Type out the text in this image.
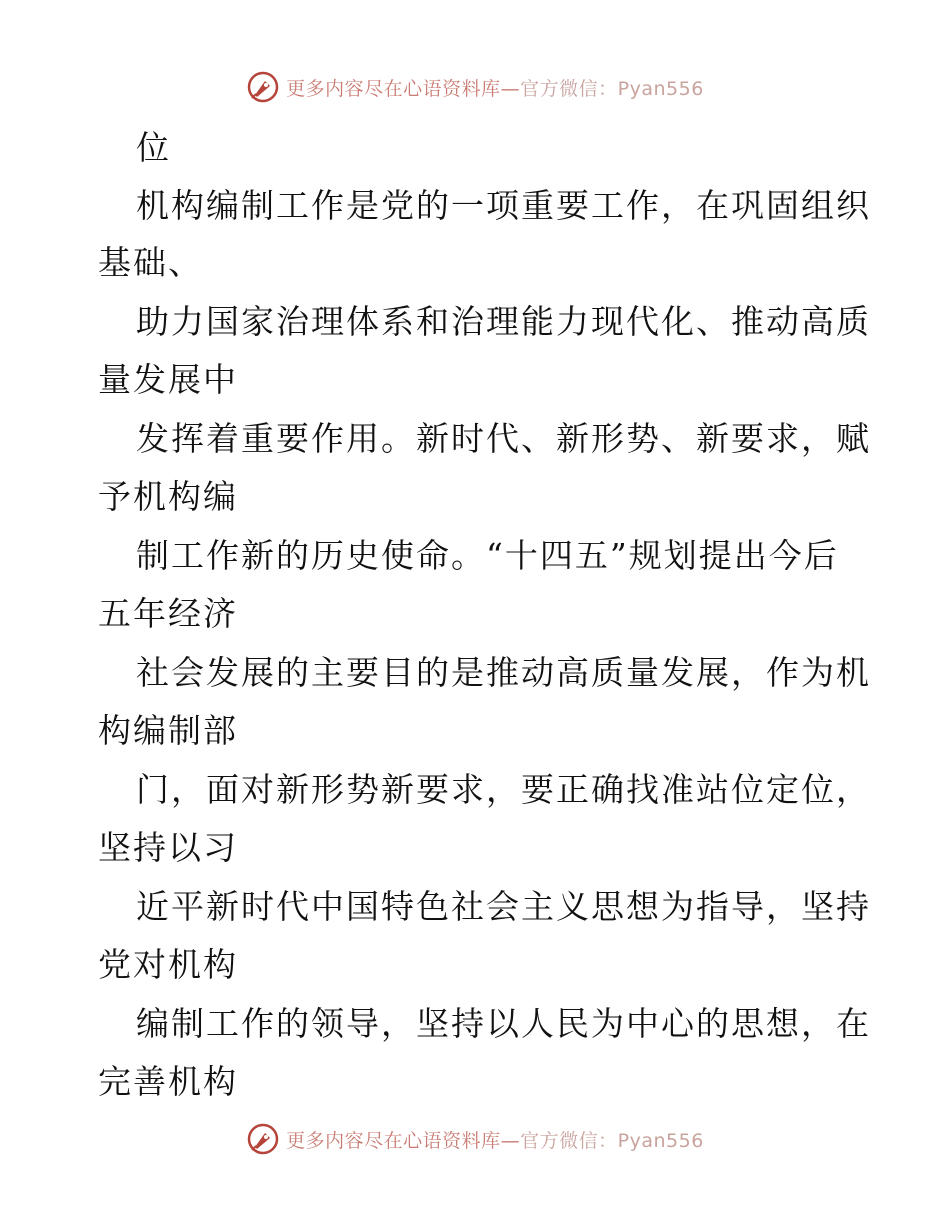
更多内容尽在心语资料库—官方微信：Pyan556
位
机构编制工作是党的一项重要工作，在巩固组织
基础、
助力国家治理体系和治理能力现代化、推动高质
量发展中
发挥着重要作用。新时代、新形势、新要求，赋
予机构编
制工作新的历史使命。“十四五”规划提出今后
五年经济
社会发展的主要目的是推动高质量发展，作为机
构编制部
门，面对新形势新要求，要正确找准站位定位，
坚持以习
近平新时代中国特色社会主义思想为指导，坚持
党对机构
编制工作的领导，坚持以人民为中心的思想，在
完善机构
更多内容尽在心语资料库—官方微信：Pyan556
